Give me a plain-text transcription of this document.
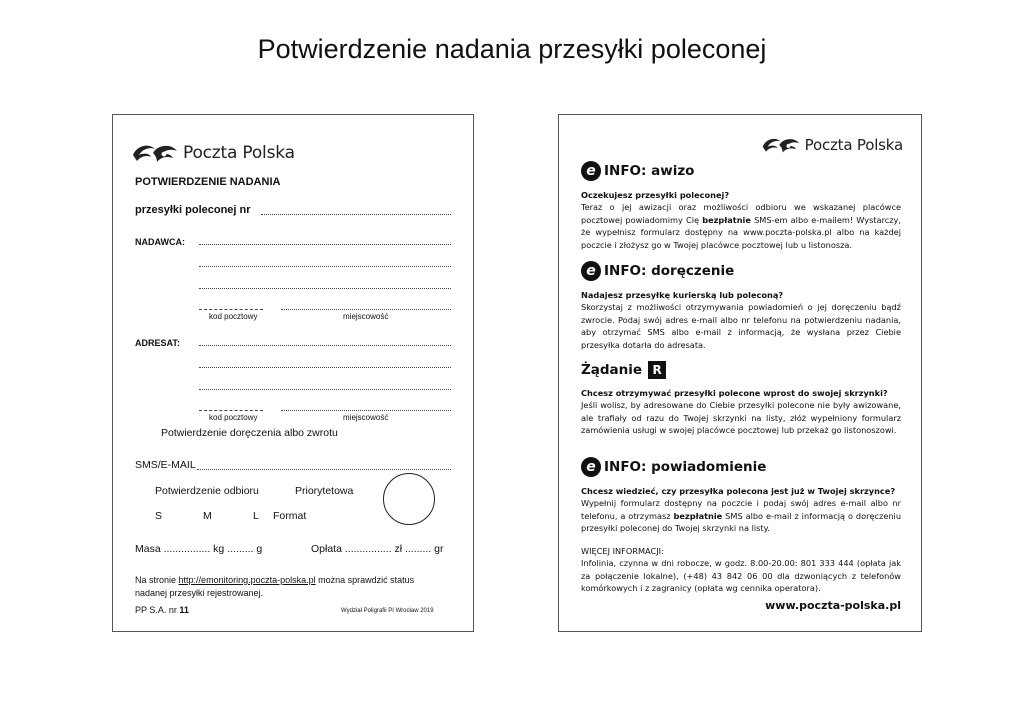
Potwierdzenie nadania przesyłki poleconej
Poczta Polska
POTWIERDZENIE NADANIA
przesyłki poleconej nr
NADAWCA:
kod pocztowy	miejscowość
ADRESAT:
kod pocztowy	miejscowość
Potwierdzenie doręczenia albo zwrotu
SMS/E-MAIL
Potwierdzenie odbioru	Priorytetowa
S	M	L Format
Masa ................ kg ......... g	Opłata ................ zł ......... gr
Na stronie http://emonitoring.poczta-polska.pl można sprawdzić status
nadanej przesyłki rejestrowanej.
PP S.A. nr 11	Wydział Poligrafii PI Wrocław 2019
Poczta Polska
e INFO: awizo
Oczekujesz przesyłki poleconej?
Teraz o jej awizacji oraz możliwości odbioru we wskazanej placówce pocztowej powiadomimy Cię bezpłatnie SMS-em albo e-mailem! Wystarczy, że wypełnisz formularz dostępny na www.poczta-polska.pl albo na każdej poczcie i złożysz go w Twojej placówce pocztowej lub u listonosza.
e INFO: doręczenie
Nadajesz przesyłkę kurierską lub poleconą?
Skorzystaj z możliwości otrzymywania powiadomień o jej doręczeniu bądź zwrocie. Podaj swój adres e-mail albo nr telefonu na potwierdzeniu nadania, aby otrzymać SMS albo e-mail z informacją, że wysłana przez Ciebie przesyłka dotarła do adresata.
Żądanie R
Chcesz otrzymywać przesyłki polecone wprost do swojej skrzynki?
Jeśli wolisz, by adresowane do Ciebie przesyłki polecone nie były awizowane, ale trafiały od razu do Twojej skrzynki na listy, złóż wypełniony formularz zamówienia usługi w swojej placówce pocztowej lub przekaż go listonoszowi.
e INFO: powiadomienie
Chcesz wiedzieć, czy przesyłka polecona jest już w Twojej skrzynce?
Wypełnij formularz dostępny na poczcie i podaj swój adres e-mail albo nr telefonu, a otrzymasz bezpłatnie SMS albo e-mail z informacją o doręczeniu przesyłki poleconej do Twojej skrzynki na listy.
WIĘCEJ INFORMACJI:
Infolinia, czynna w dni robocze, w godz. 8.00-20.00: 801 333 444 (opłata jak za połączenie lokalne), (+48) 43 842 06 00 dla dzwoniących z telefonów komórkowych i z zagranicy (opłata wg cennika operatora).
www.poczta-polska.pl
